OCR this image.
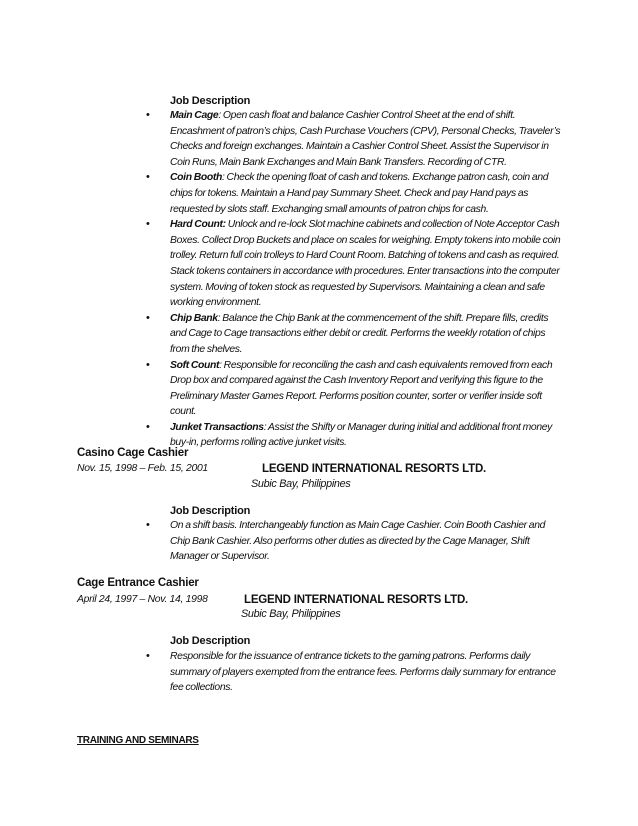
Job Description
• Main Cage: Open cash float and balance Cashier Control Sheet at the end of shift. Encashment of patron’s chips, Cash Purchase Vouchers (CPV), Personal Checks, Traveler’s Checks and foreign exchanges. Maintain a Cashier Control Sheet. Assist the Supervisor in Coin Runs, Main Bank Exchanges and Main Bank Transfers. Recording of CTR.
• Coin Booth: Check the opening float of cash and tokens. Exchange patron cash, coin and chips for tokens. Maintain a Hand pay Summary Sheet. Check and pay Hand pays as requested by slots staff. Exchanging small amounts of patron chips for cash.
• Hard Count: Unlock and re-lock Slot machine cabinets and collection of Note Acceptor Cash Boxes. Collect Drop Buckets and place on scales for weighing. Empty tokens into mobile coin trolley. Return full coin trolleys to Hard Count Room. Batching of tokens and cash as required. Stack tokens containers in accordance with procedures. Enter transactions into the computer system. Moving of token stock as requested by Supervisors. Maintaining a clean and safe working environment.
• Chip Bank: Balance the Chip Bank at the commencement of the shift. Prepare fills, credits and Cage to Cage transactions either debit or credit. Performs the weekly rotation of chips from the shelves.
• Soft Count: Responsible for reconciling the cash and cash equivalents removed from each Drop box and compared against the Cash Inventory Report and verifying this figure to the Preliminary Master Games Report. Performs position counter, sorter or verifier inside soft count.
• Junket Transactions: Assist the Shifty or Manager during initial and additional front money buy-in, performs rolling active junket visits.
Casino Cage Cashier
Nov. 15, 1998 – Feb. 15, 2001	LEGEND INTERNATIONAL RESORTS LTD.
Subic Bay, Philippines
Job Description
• On a shift basis. Interchangeably function as Main Cage Cashier. Coin Booth Cashier and Chip Bank Cashier. Also performs other duties as directed by the Cage Manager, Shift Manager or Supervisor.
Cage Entrance Cashier
April 24, 1997 – Nov. 14, 1998	LEGEND INTERNATIONAL RESORTS LTD.
Subic Bay, Philippines
Job Description
• Responsible for the issuance of entrance tickets to the gaming patrons. Performs daily summary of players exempted from the entrance fees. Performs daily summary for entrance fee collections.
TRAINING AND SEMINARS
